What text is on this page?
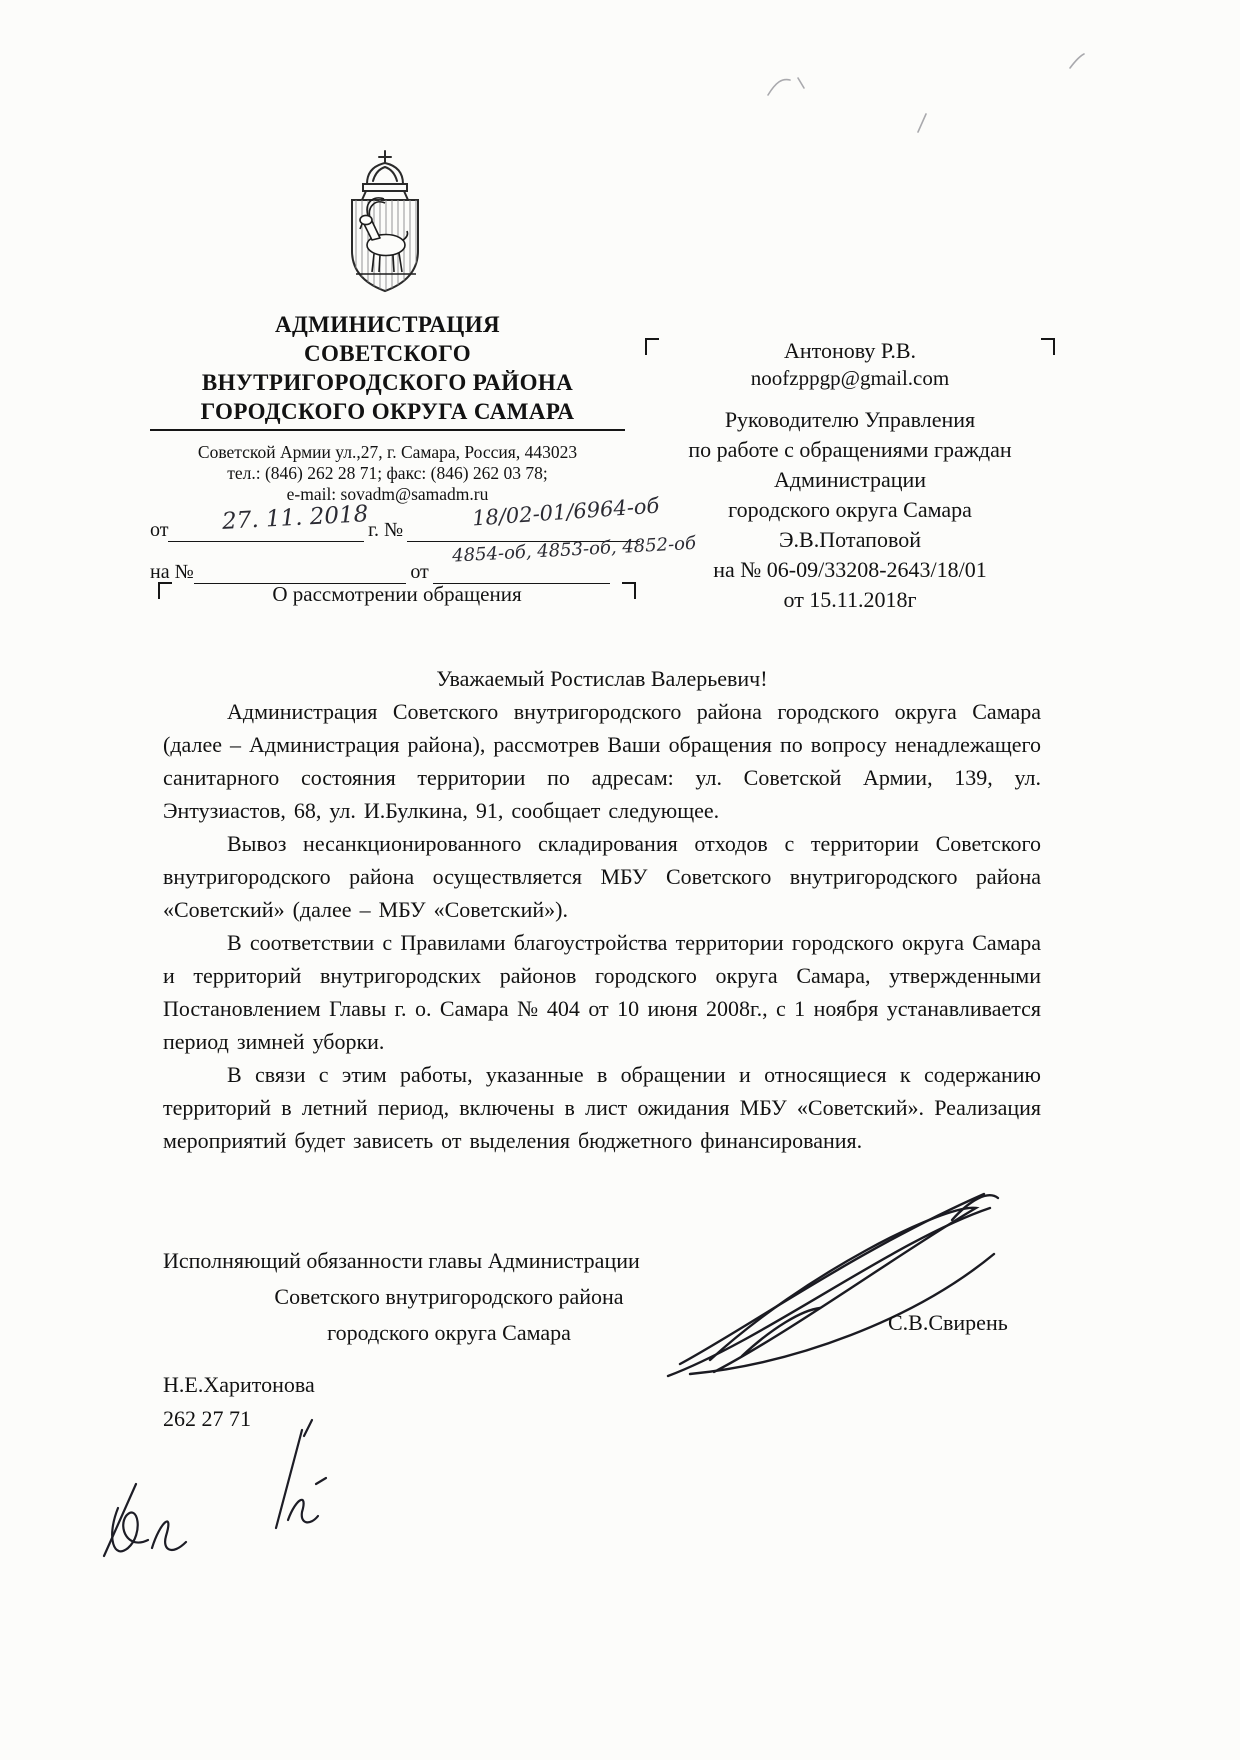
АДМИНИСТРАЦИЯ
СОВЕТСКОГО
ВНУТРИГОРОДСКОГО РАЙОНА
ГОРОДСКОГО ОКРУГА САМАРА
Советской Армии ул.,27, г. Самара, Россия, 443023
тел.: (846) 262 28 71; факс: (846) 262 03 78;
e-mail: sovadm@samadm.ru
от	г. №
27. 11. 2018	18/02-01/6964-об
4854-об, 4853-об, 4852-об
на №	от
О рассмотрении обращения
Антонову Р.В.
noofzppgp@gmail.com
Руководителю Управления
по работе с обращениями граждан
Администрации
городского округа Самара
Э.В.Потаповой
на № 06-09/33208-2643/18/01
от 15.11.2018г
Уважаемый Ростислав Валерьевич!

Администрация Советского внутригородского района городского округа Самара (далее – Администрация района), рассмотрев Ваши обращения по вопросу ненадлежащего санитарного состояния территории по адресам: ул. Советской Армии, 139, ул. Энтузиастов, 68, ул. И.Булкина, 91, сообщает следующее.

Вывоз несанкционированного складирования отходов с территории Советского внутригородского района осуществляется МБУ Советского внутригородского района «Советский» (далее – МБУ «Советский»).

В соответствии с Правилами благоустройства территории городского округа Самара и территорий внутригородских районов городского округа Самара, утвержденными Постановлением Главы г. о. Самара № 404 от 10 июня 2008г., с 1 ноября устанавливается период зимней уборки.

В связи с этим работы, указанные в обращении и относящиеся к содержанию территорий в летний период, включены в лист ожидания МБУ «Советский». Реализация мероприятий будет зависеть от выделения бюджетного финансирования.

Исполняющий обязанности главы Администрации
Советского внутригородского района
городского округа Самара	С.В.Свирень
Н.Е.Харитонова
262 27 71
